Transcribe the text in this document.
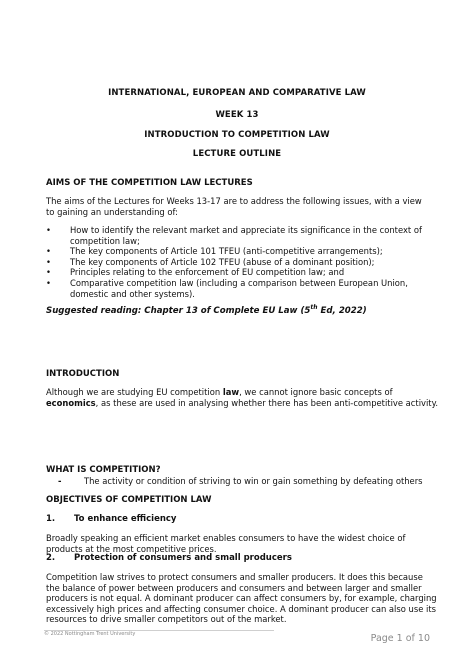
INTERNATIONAL, EUROPEAN AND COMPARATIVE LAW
WEEK 13
INTRODUCTION TO COMPETITION LAW
LECTURE OUTLINE
AIMS OF THE COMPETITION LAW LECTURES
The aims of the Lectures for Weeks 13-17 are to address the following issues, with a view to gaining an understanding of:
• How to identify the relevant market and appreciate its significance in the context of competition law;
• The key components of Article 101 TFEU (anti-competitive arrangements);
• The key components of Article 102 TFEU (abuse of a dominant position);
• Principles relating to the enforcement of EU competition law; and
• Comparative competition law (including a comparison between European Union, domestic and other systems).
Suggested reading: Chapter 13 of Complete EU Law (5th Ed, 2022)
INTRODUCTION
Although we are studying EU competition law, we cannot ignore basic concepts of economics, as these are used in analysing whether there has been anti-competitive activity.
WHAT IS COMPETITION?
-	The activity or condition of striving to win or gain something by defeating others
OBJECTIVES OF COMPETITION LAW
1. To enhance efficiency
Broadly speaking an efficient market enables consumers to have the widest choice of products at the most competitive prices.
2. Protection of consumers and small producers
Competition law strives to protect consumers and smaller producers. It does this because the balance of power between producers and consumers and between larger and smaller producers is not equal. A dominant producer can affect consumers by, for example, charging excessively high prices and affecting consumer choice. A dominant producer can also use its resources to drive smaller competitors out of the market.
© 2022 Nottingham Trent University	Page 1 of 10
